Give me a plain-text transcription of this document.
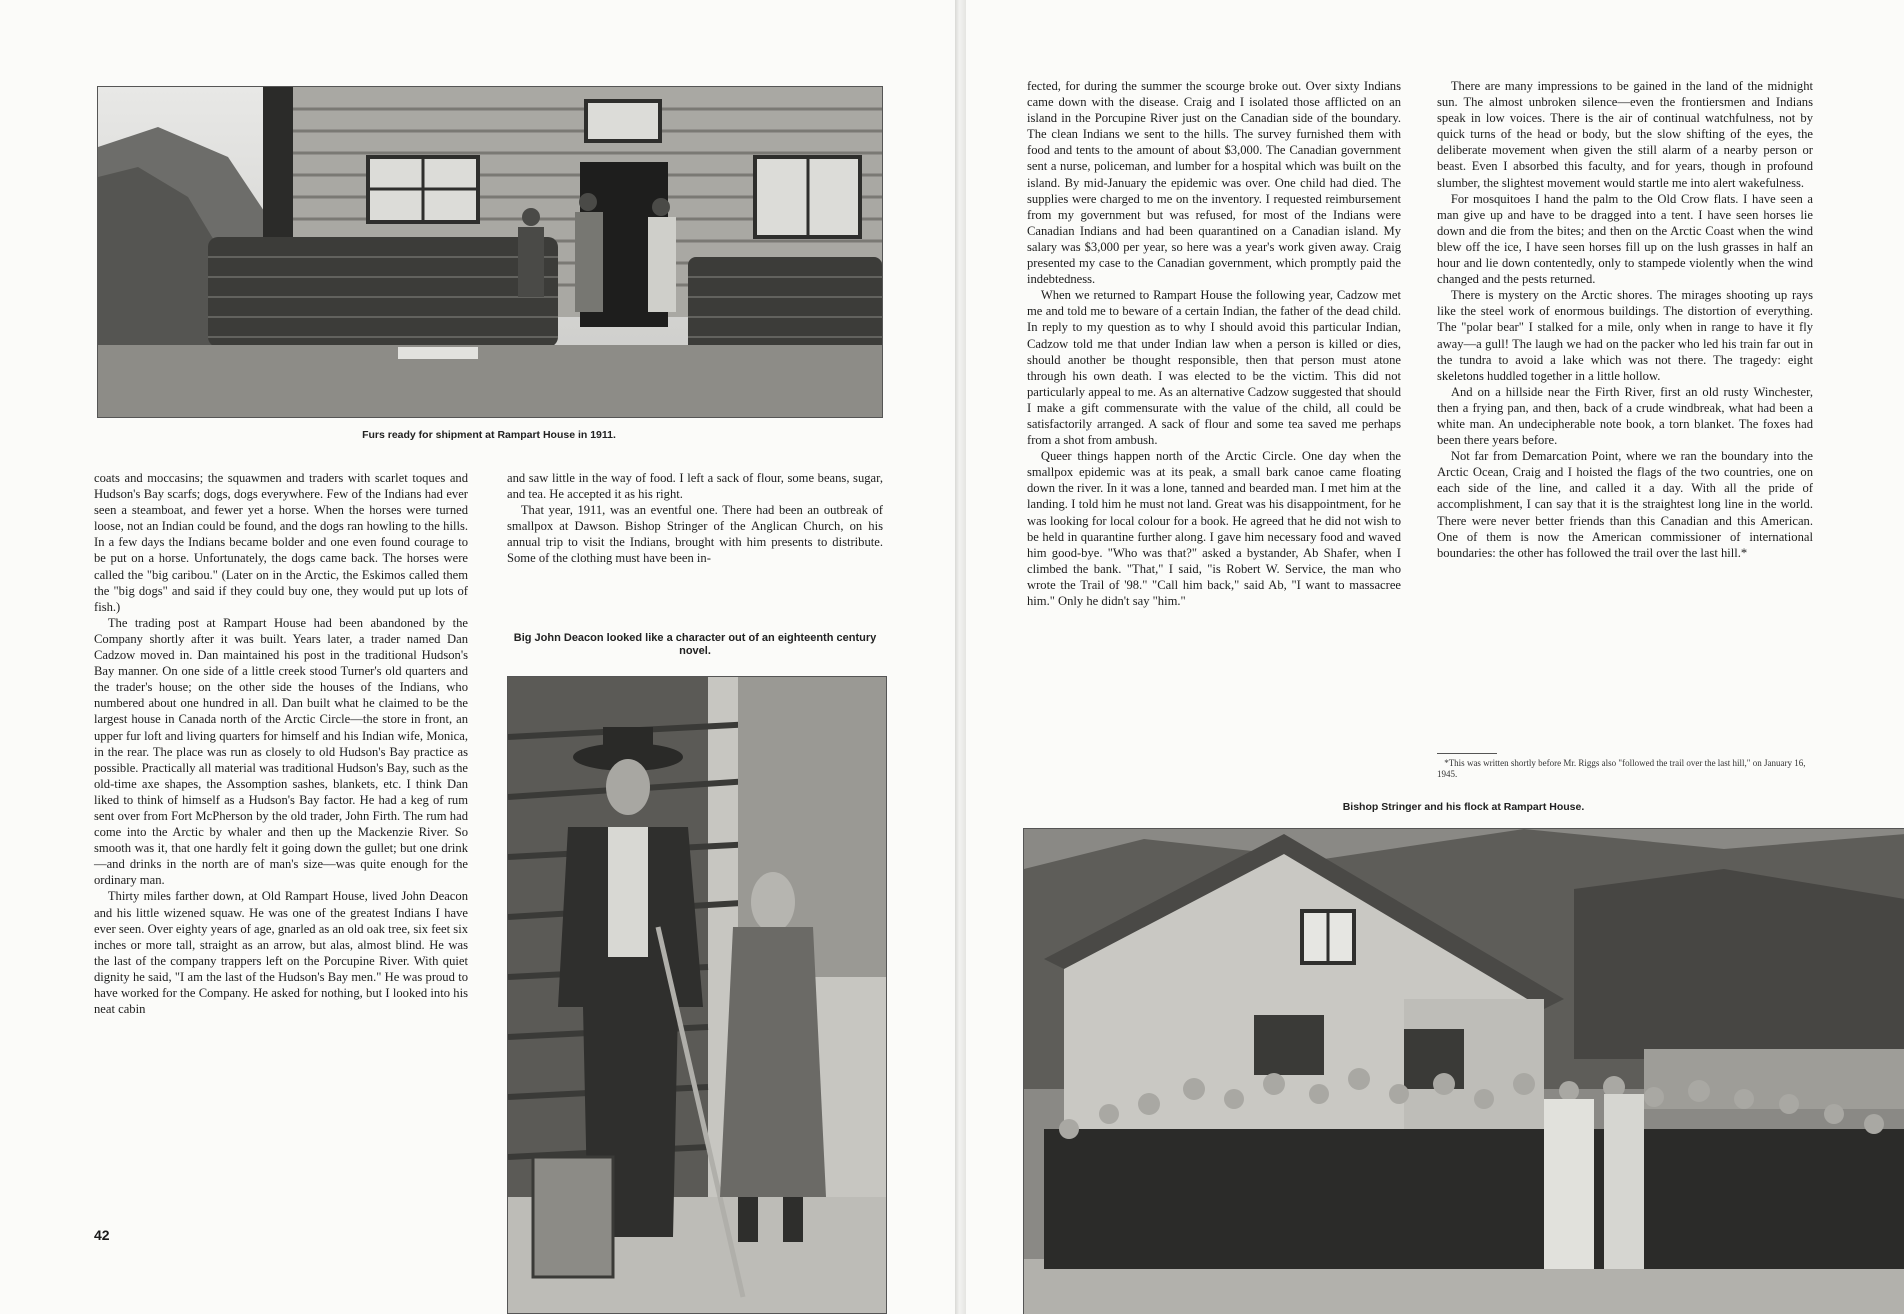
Furs ready for shipment at Rampart House in 1911.

coats and moccasins; the squawmen and traders with scarlet toques and Hudson's Bay scarfs; dogs, dogs everywhere. Few of the Indians had ever seen a steamboat, and fewer yet a horse. When the horses were turned loose, not an Indian could be found, and the dogs ran howling to the hills. In a few days the Indians became bolder and one even found courage to be put on a horse. Unfortunately, the dogs came back. The horses were called the "big caribou." (Later on in the Arctic, the Eskimos called them the "big dogs" and said if they could buy one, they would put up lots of fish.)

The trading post at Rampart House had been abandoned by the Company shortly after it was built. Years later, a trader named Dan Cadzow moved in. Dan maintained his post in the traditional Hudson's Bay manner. On one side of a little creek stood Turner's old quarters and the trader's house; on the other side the houses of the Indians, who numbered about one hundred in all. Dan built what he claimed to be the largest house in Canada north of the Arctic Circle—the store in front, an upper fur loft and living quarters for himself and his Indian wife, Monica, in the rear. The place was run as closely to old Hudson's Bay practice as possible. Practically all material was traditional Hudson's Bay, such as the old-time axe shapes, the Assomption sashes, blankets, etc. I think Dan liked to think of himself as a Hudson's Bay factor. He had a keg of rum sent over from Fort McPherson by the old trader, John Firth. The rum had come into the Arctic by whaler and then up the Mackenzie River. So smooth was it, that one hardly felt it going down the gullet; but one drink—and drinks in the north are of man's size—was quite enough for the ordinary man.

Thirty miles farther down, at Old Rampart House, lived John Deacon and his little wizened squaw. He was one of the greatest Indians I have ever seen. Over eighty years of age, gnarled as an old oak tree, six feet six inches or more tall, straight as an arrow, but alas, almost blind. He was the last of the company trappers left on the Porcupine River. With quiet dignity he said, "I am the last of the Hudson's Bay men." He was proud to have worked for the Company. He asked for nothing, but I looked into his neat cabin

and saw little in the way of food. I left a sack of flour, some beans, sugar, and tea. He accepted it as his right.

That year, 1911, was an eventful one. There had been an outbreak of smallpox at Dawson. Bishop Stringer of the Anglican Church, on his annual trip to visit the Indians, brought with him presents to distribute. Some of the clothing must have been in-

Big John Deacon looked like a character out of an eighteenth century novel.
42

fected, for during the summer the scourge broke out. Over sixty Indians came down with the disease. Craig and I isolated those afflicted on an island in the Porcupine River just on the Canadian side of the boundary. The clean Indians we sent to the hills. The survey furnished them with food and tents to the amount of about $3,000. The Canadian government sent a nurse, policeman, and lumber for a hospital which was built on the island. By mid-January the epidemic was over. One child had died. The supplies were charged to me on the inventory. I requested reimbursement from my government but was refused, for most of the Indians were Canadian Indians and had been quarantined on a Canadian island. My salary was $3,000 per year, so here was a year's work given away. Craig presented my case to the Canadian government, which promptly paid the indebtedness.

When we returned to Rampart House the following year, Cadzow met me and told me to beware of a certain Indian, the father of the dead child. In reply to my question as to why I should avoid this particular Indian, Cadzow told me that under Indian law when a person is killed or dies, should another be thought responsible, then that person must atone through his own death. I was elected to be the victim. This did not particularly appeal to me. As an alternative Cadzow suggested that should I make a gift commensurate with the value of the child, all could be satisfactorily arranged. A sack of flour and some tea saved me perhaps from a shot from ambush.

Queer things happen north of the Arctic Circle. One day when the smallpox epidemic was at its peak, a small bark canoe came floating down the river. In it was a lone, tanned and bearded man. I met him at the landing. I told him he must not land. Great was his disappointment, for he was looking for local colour for a book. He agreed that he did not wish to be held in quarantine further along. I gave him necessary food and waved him good-bye. "Who was that?" asked a bystander, Ab Shafer, when I climbed the bank. "That," I said, "is Robert W. Service, the man who wrote the Trail of '98." "Call him back," said Ab, "I want to massacree him." Only he didn't say "him."

There are many impressions to be gained in the land of the midnight sun. The almost unbroken silence—even the frontiersmen and Indians speak in low voices. There is the air of continual watchfulness, not by quick turns of the head or body, but the slow shifting of the eyes, the deliberate movement when given the still alarm of a nearby person or beast. Even I absorbed this faculty, and for years, though in profound slumber, the slightest movement would startle me into alert wakefulness.

For mosquitoes I hand the palm to the Old Crow flats. I have seen a man give up and have to be dragged into a tent. I have seen horses lie down and die from the bites; and then on the Arctic Coast when the wind blew off the ice, I have seen horses fill up on the lush grasses in half an hour and lie down contentedly, only to stampede violently when the wind changed and the pests returned.

There is mystery on the Arctic shores. The mirages shooting up rays like the steel work of enormous buildings. The distortion of everything. The "polar bear" I stalked for a mile, only when in range to have it fly away—a gull! The laugh we had on the packer who led his train far out in the tundra to avoid a lake which was not there. The tragedy: eight skeletons huddled together in a little hollow.

And on a hillside near the Firth River, first an old rusty Winchester, then a frying pan, and then, back of a crude windbreak, what had been a white man. An undecipherable note book, a torn blanket. The foxes had been there years before.

Not far from Demarcation Point, where we ran the boundary into the Arctic Ocean, Craig and I hoisted the flags of the two countries, one on each side of the line, and called it a day. With all the pride of accomplishment, I can say that it is the straightest long line in the world. There were never better friends than this Canadian and this American. One of them is now the American commissioner of international boundaries: the other has followed the trail over the last hill.*

*This was written shortly before Mr. Riggs also "followed the trail over the last hill," on January 16, 1945.

Bishop Stringer and his flock at Rampart House.
